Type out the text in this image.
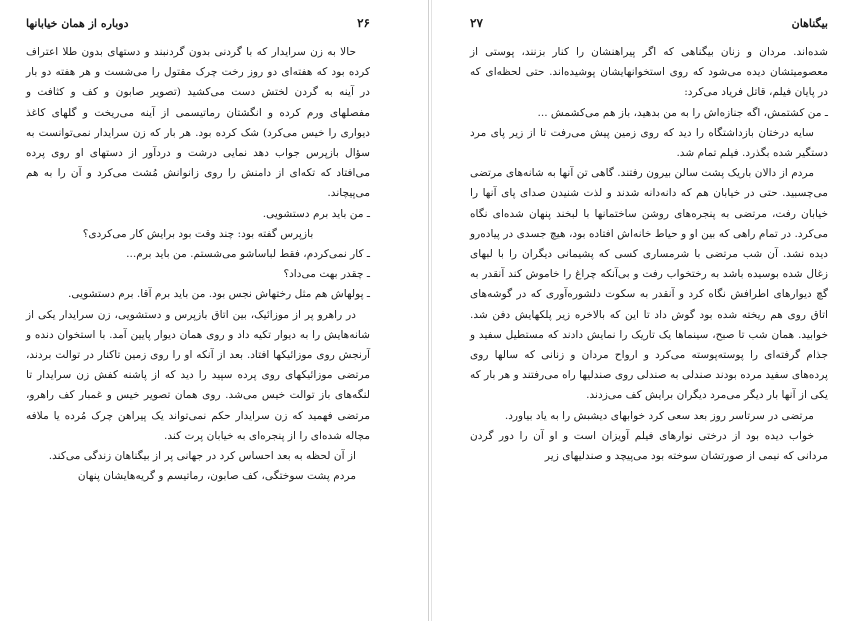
۲۶
دوباره از همان خیابانها

حالا به زن سرایدار که با گردنی بدون گردنبند و دستهای بدون طلا اعتراف کرده بود که هفته‌ای دو روز رخت چرک مقتول را می‌شست و هر هفته دو بار در آینه به گردن لختش دست می‌کشید (تصویر صابون و کف و کثافت و مفصلهای ورم کرده و انگشتان رماتیسمی از آینه می‌ریخت و گلهای کاغذ دیواری را خیس می‌کرد) شک کرده بود. هر بار که زن سرایدار نمی‌توانست به سؤال بازپرس جواب دهد نمایی درشت و درد‌آور از دستهای او روی پرده می‌افتاد که تکه‌ای از دامنش را روی زانوانش مُشت می‌کرد و آن را به هم می‌پیچاند.

ـ من باید برم دستشویی.

بازپرس گفته بود: چند وقت بود برایش کار می‌کردی؟

ـ کار نمی‌کردم، فقط لباساشو می‌شستم. من باید برم...

ـ چقدر بهت می‌داد؟

ـ پولهاش هم مثل رختهاش نجس بود. من باید برم آقا. برم دستشویی.

در راهرو پر از موزائیک، بین اتاق بازپرس و دستشویی، زن سرایدار یکی از شانه‌هایش را به دیوار تکیه داد و روی همان دیوار پایین آمد. با استخوان دنده و آرنجش روی موزائیکها افتاد. بعد از آنکه او را روی زمین تاکنار در توالت بردند، مرتضی موزائیکهای روی پرده سپید را دید که از پاشنه کفش زن سرایدار تا لنگه‌های باز توالت خیس می‌شد. روی همان تصویر خیس و غمبار کف راهرو، مرتضی فهمید که زن سرایدار حکم نمی‌تواند یک پیراهن چرک مُرده یا ملافه مچاله شده‌ای را از پنجره‌ای به خیابان پرت کند.

از آن لحظه به بعد احساس کرد در جهانی پر از بیگناهان زندگی می‌کند.

مردم پشت سوختگی، کف صابون، رماتیسم و گریه‌هایشان پنهان

بیگناهان
۲۷

شده‌اند. مردان و زنان بیگناهی که اگر پیراهنشان را کنار بزنند، پوستی از معصومیتشان دیده می‌شود که روی استخوانهایشان پوشیده‌اند. حتی لحظه‌ای که در پایان فیلم، قاتل فریاد می‌کرد:

ـ من کشتمش، اگه جنازه‌اش را به من بدهید، باز هم می‌کشمش ...

سایه درختان بازداشتگاه را دید که روی زمین پیش می‌رفت تا از زیر پای مرد دستگیر شده بگذرد. فیلم تمام شد.

مردم از دالان باریک پشت سالن بیرون رفتند. گاهی تن آنها به شانه‌های مرتضی می‌چسبید. حتی در خیابان هم که دانه‌دانه شدند و لذت شنیدن صدای پای آنها را خیابان رفت، مرتضی به پنجره‌های روشن ساختمانها با لبخند پنهان شده‌ای نگاه می‌کرد. در تمام راهی که بین او و حیاط خانه‌اش افتاده بود، هیچ جسدی در پیاده‌رو دیده نشد. آن شب مرتضی با شرمساری کسی که پشیمانی دیگران را با لبهای زغال شده بوسیده باشد به رختخواب رفت و بی‌آنکه چراغ را خاموش کند آنقدر به گچ دیوارهای اطرافش نگاه کرد و آنقدر به سکوت دلشوره‌آوری که در گوشه‌های اتاق روی هم ریخته شده بود گوش داد تا این که بالاخره زیر پلکهایش دفن شد. خوابید. همان شب تا صبح، سینماها یک تاریک را نمایش دادند که مستطیل سفید و جذام گرفته‌ای را پوسته‌پوسته می‌کرد و ارواح مردان و زنانی که سالها روی پرده‌های سفید مرده بودند صندلی به صندلی روی صندلیها راه می‌رفتند و هر بار که یکی از آنها بار دیگر می‌مرد دیگران برایش کف می‌زدند.

مرتضی در سرتاسر روز بعد سعی کرد خوابهای دیشبش را به یاد بیاورد.

خواب دیده بود از درختی نوارهای فیلم آویزان است و او آن را دور گردن مردانی که نیمی از صورتشان سوخته بود می‌پیچد و صندلیهای زیر
